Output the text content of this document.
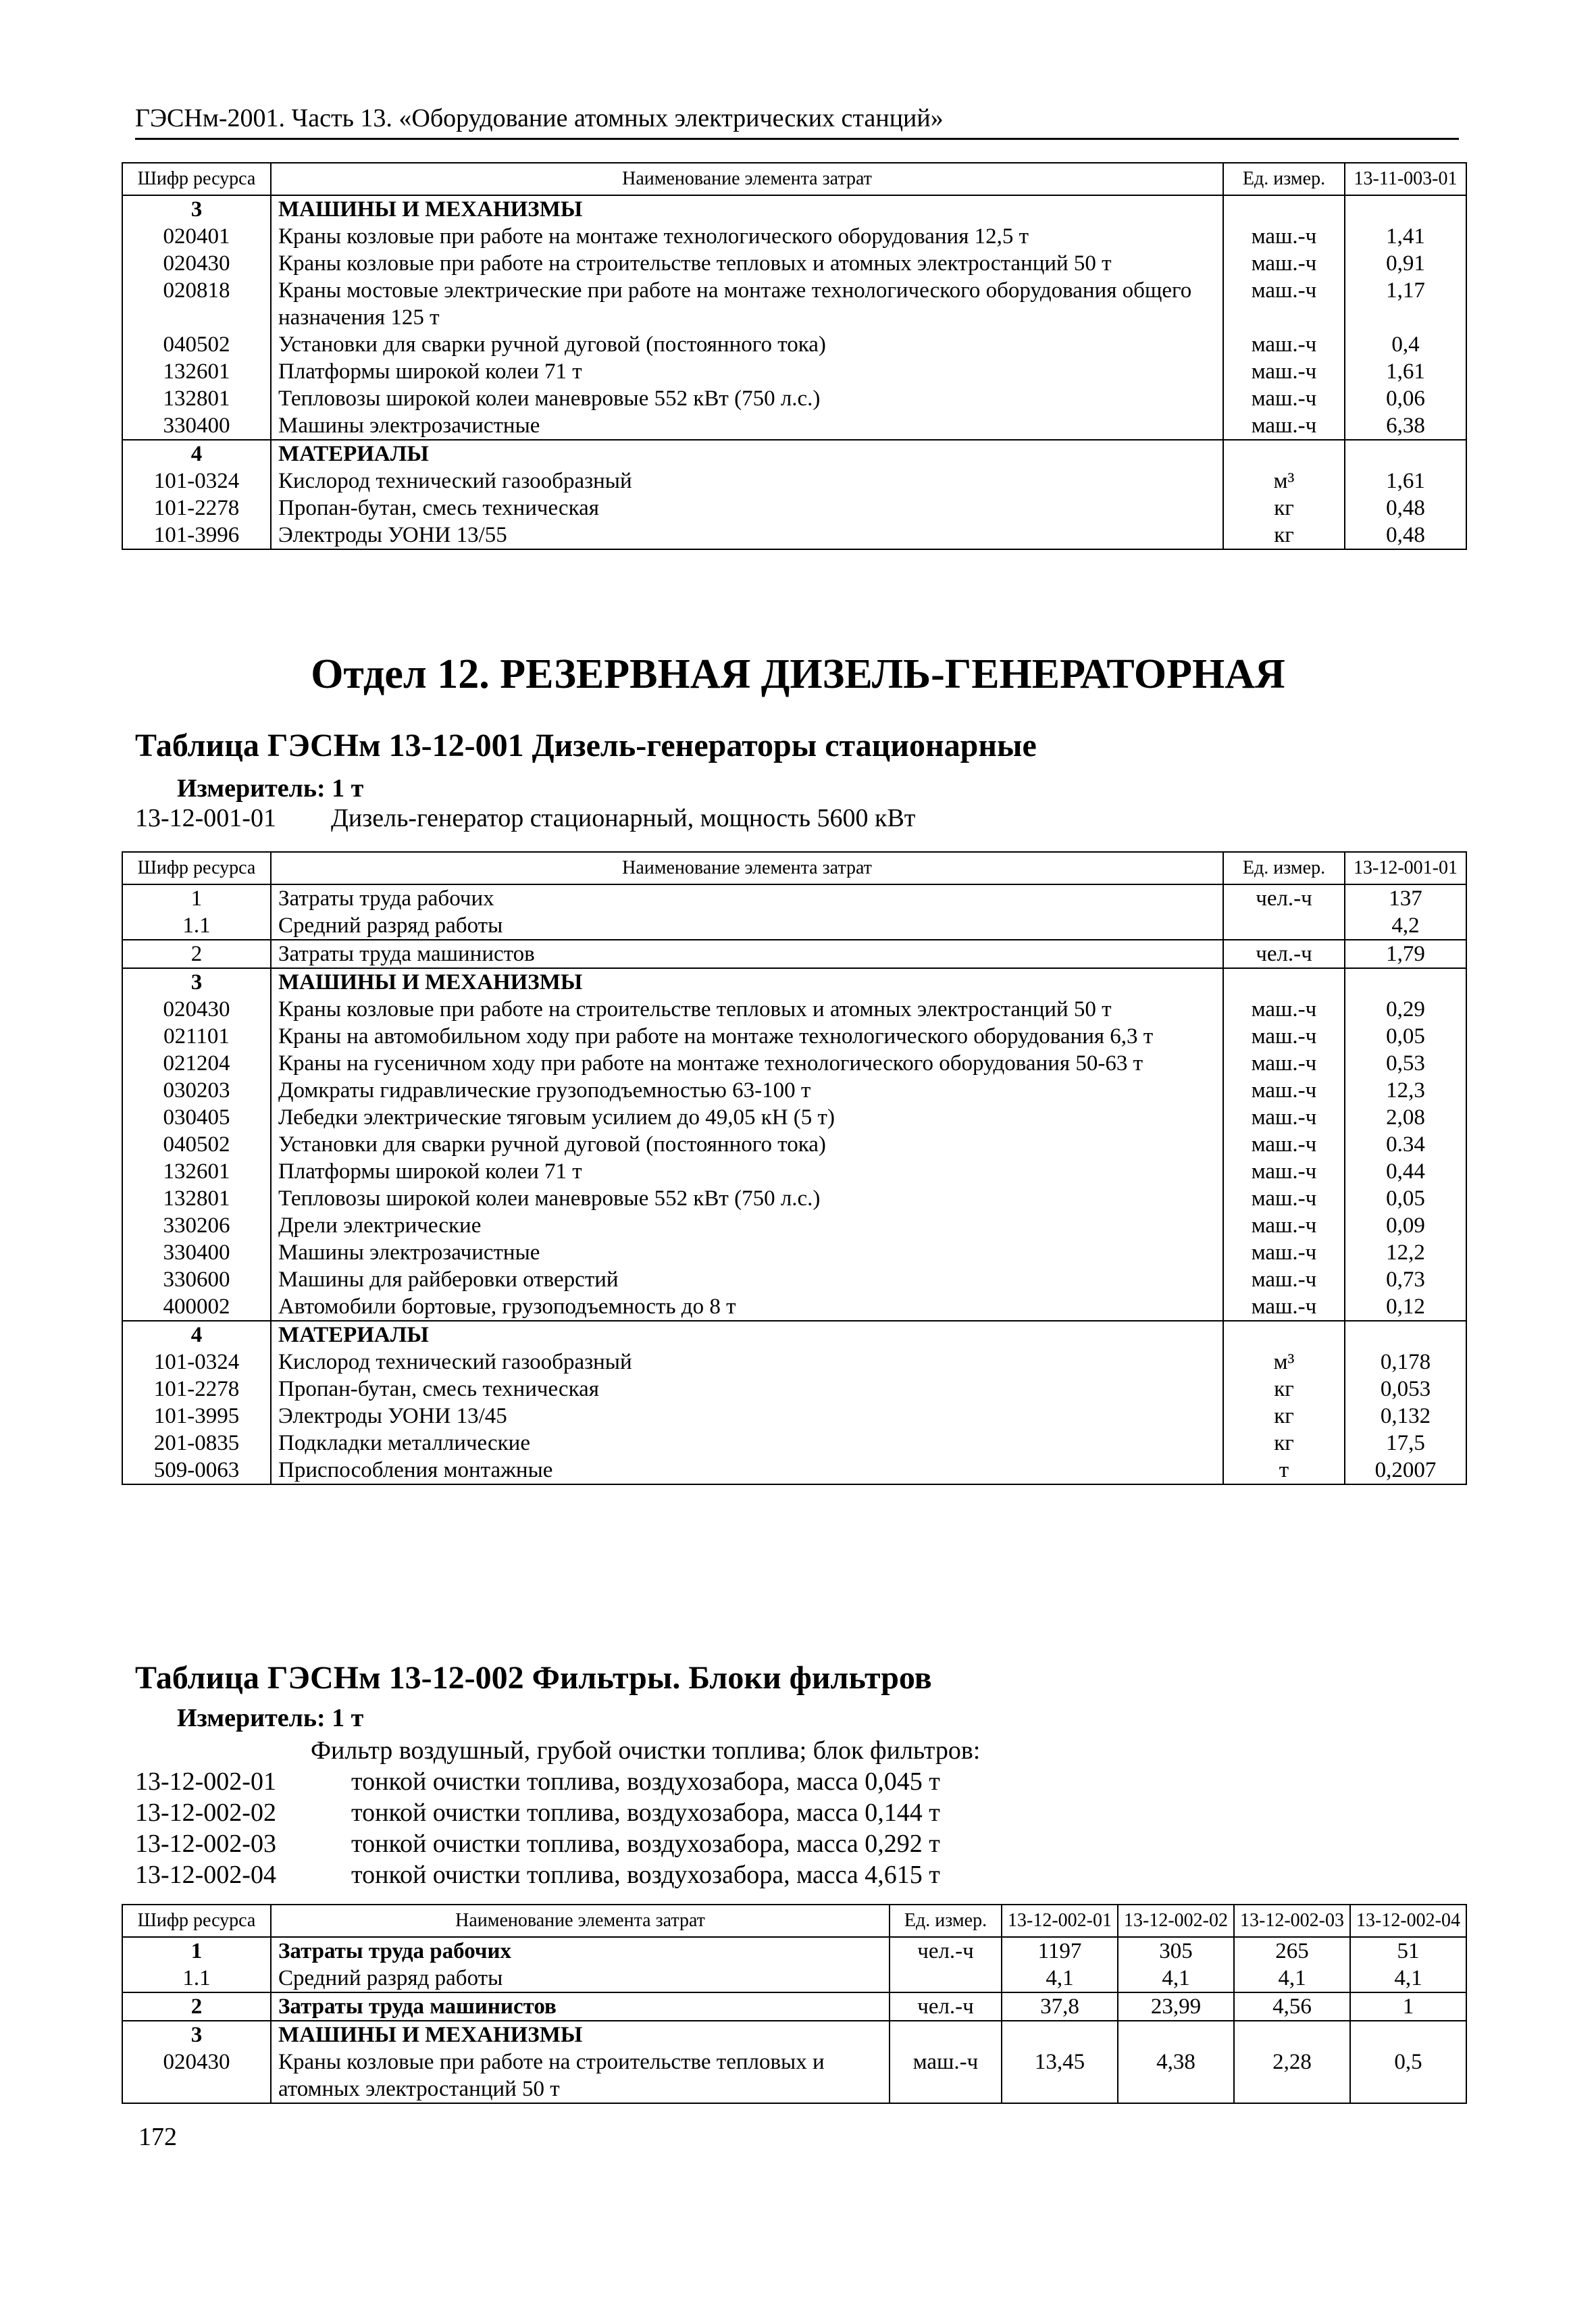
ГЭСНм-2001. Часть 13. «Оборудование атомных электрических станций»
Шифр ресурса	Наименование элемента затрат	Ед. измер.	13-11-003-01
3	МАШИНЫ И МЕХАНИЗМЫ		
020401	Краны козловые при работе на монтаже технологического оборудования 12,5 т	маш.-ч	1,41
020430	Краны козловые при работе на строительстве тепловых и атомных электростанций 50 т	маш.-ч	0,91
020818	Краны мостовые электрические при работе на монтаже технологического оборудования общего назначения 125 т	маш.-ч	1,17
040502	Установки для сварки ручной дуговой (постоянного тока)	маш.-ч	0,4
132601	Платформы широкой колеи 71 т	маш.-ч	1,61
132801	Тепловозы широкой колеи маневровые 552 кВт (750 л.с.)	маш.-ч	0,06
330400	Машины электрозачистные	маш.-ч	6,38
4	МАТЕРИАЛЫ		
101-0324	Кислород технический газообразный	м³	1,61
101-2278	Пропан-бутан, смесь техническая	кг	0,48
101-3996	Электроды УОНИ 13/55	кг	0,48
Отдел 12. РЕЗЕРВНАЯ ДИЗЕЛЬ-ГЕНЕРАТОРНАЯ
Таблица ГЭСНм 13-12-001 Дизель-генераторы стационарные
Измеритель: 1 т
13-12-001-01 Дизель-генератор стационарный, мощность 5600 кВт
Шифр ресурса	Наименование элемента затрат	Ед. измер.	13-12-001-01
1	Затраты труда рабочих	чел.-ч	137
1.1	Средний разряд работы		4,2
2	Затраты труда машинистов	чел.-ч	1,79
3	МАШИНЫ И МЕХАНИЗМЫ		
020430	Краны козловые при работе на строительстве тепловых и атомных электростанций 50 т	маш.-ч	0,29
021101	Краны на автомобильном ходу при работе на монтаже технологического оборудования 6,3 т	маш.-ч	0,05
021204	Краны на гусеничном ходу при работе на монтаже технологического оборудования 50-63 т	маш.-ч	0,53
030203	Домкраты гидравлические грузоподъемностью 63-100 т	маш.-ч	12,3
030405	Лебедки электрические тяговым усилием до 49,05 кН (5 т)	маш.-ч	2,08
040502	Установки для сварки ручной дуговой (постоянного тока)	маш.-ч	0.34
132601	Платформы широкой колеи 71 т	маш.-ч	0,44
132801	Тепловозы широкой колеи маневровые 552 кВт (750 л.с.)	маш.-ч	0,05
330206	Дрели электрические	маш.-ч	0,09
330400	Машины электрозачистные	маш.-ч	12,2
330600	Машины для райберовки отверстий	маш.-ч	0,73
400002	Автомобили бортовые, грузоподъемность до 8 т	маш.-ч	0,12
4	МАТЕРИАЛЫ		
101-0324	Кислород технический газообразный	м³	0,178
101-2278	Пропан-бутан, смесь техническая	кг	0,053
101-3995	Электроды УОНИ 13/45	кг	0,132
201-0835	Подкладки металлические	кг	17,5
509-0063	Приспособления монтажные	т	0,2007
Таблица ГЭСНм 13-12-002 Фильтры. Блоки фильтров
Измеритель: 1 т
Фильтр воздушный, грубой очистки топлива; блок фильтров:
13-12-002-01	тонкой очистки топлива, воздухозабора, масса 0,045 т
13-12-002-02	тонкой очистки топлива, воздухозабора, масса 0,144 т
13-12-002-03	тонкой очистки топлива, воздухозабора, масса 0,292 т
13-12-002-04	тонкой очистки топлива, воздухозабора, масса 4,615 т
Шифр ресурса	Наименование элемента затрат	Ед. измер.	13-12-002-01	13-12-002-02	13-12-002-03	13-12-002-04
1	Затраты труда рабочих	чел.-ч	1197	305	265	51
1.1	Средний разряд работы		4,1	4,1	4,1	4,1
2	Затраты труда машинистов	чел.-ч	37,8	23,99	4,56	1
3	МАШИНЫ И МЕХАНИЗМЫ					
020430	Краны козловые при работе на строительстве тепловых и атомных электростанций 50 т	маш.-ч	13,45	4,38	2,28	0,5
172
